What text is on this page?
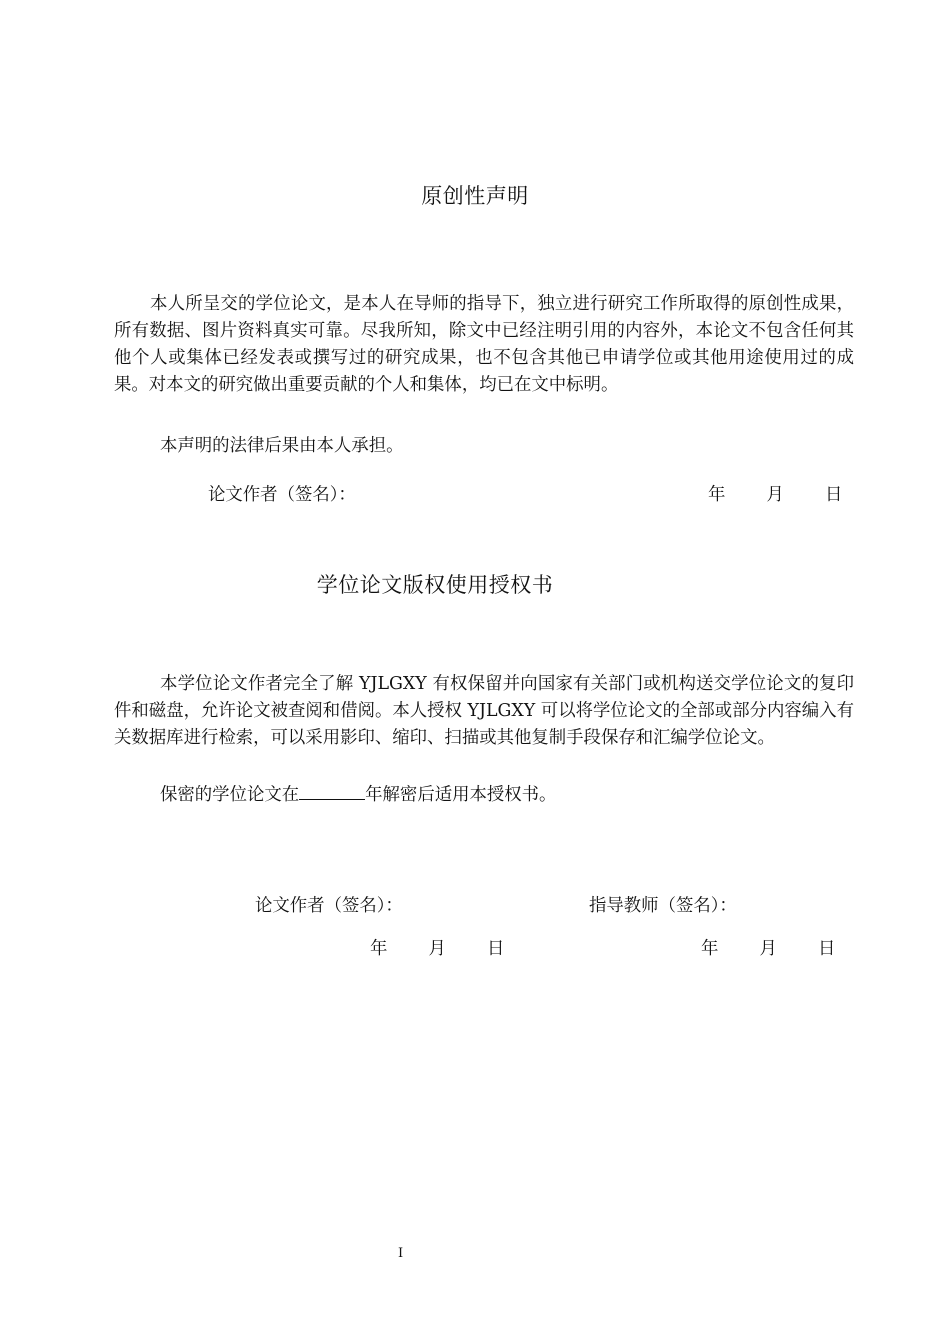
原创性声明
本人所呈交的学位论文，是本人在导师的指导下，独立进行研究工作所取得的原创性成果，所有数据、图片资料真实可靠。尽我所知，除文中已经注明引用的内容外，本论文不包含任何其他个人或集体已经发表或撰写过的研究成果，也不包含其他已申请学位或其他用途使用过的成果。对本文的研究做出重要贡献的个人和集体，均已在文中标明。
本声明的法律后果由本人承担。
论文作者（签名）：	年 月 日
学位论文版权使用授权书
本学位论文作者完全了解 YJLGXY 有权保留并向国家有关部门或机构送交学位论文的复印件和磁盘，允许论文被查阅和借阅。本人授权 YJLGXY 可以将学位论文的全部或部分内容编入有关数据库进行检索，可以采用影印、缩印、扫描或其他复制手段保存和汇编学位论文。
保密的学位论文在	年解密后适用本授权书。
论文作者（签名）：	指导教师（签名）：
年 月 日	年 月 日
I
